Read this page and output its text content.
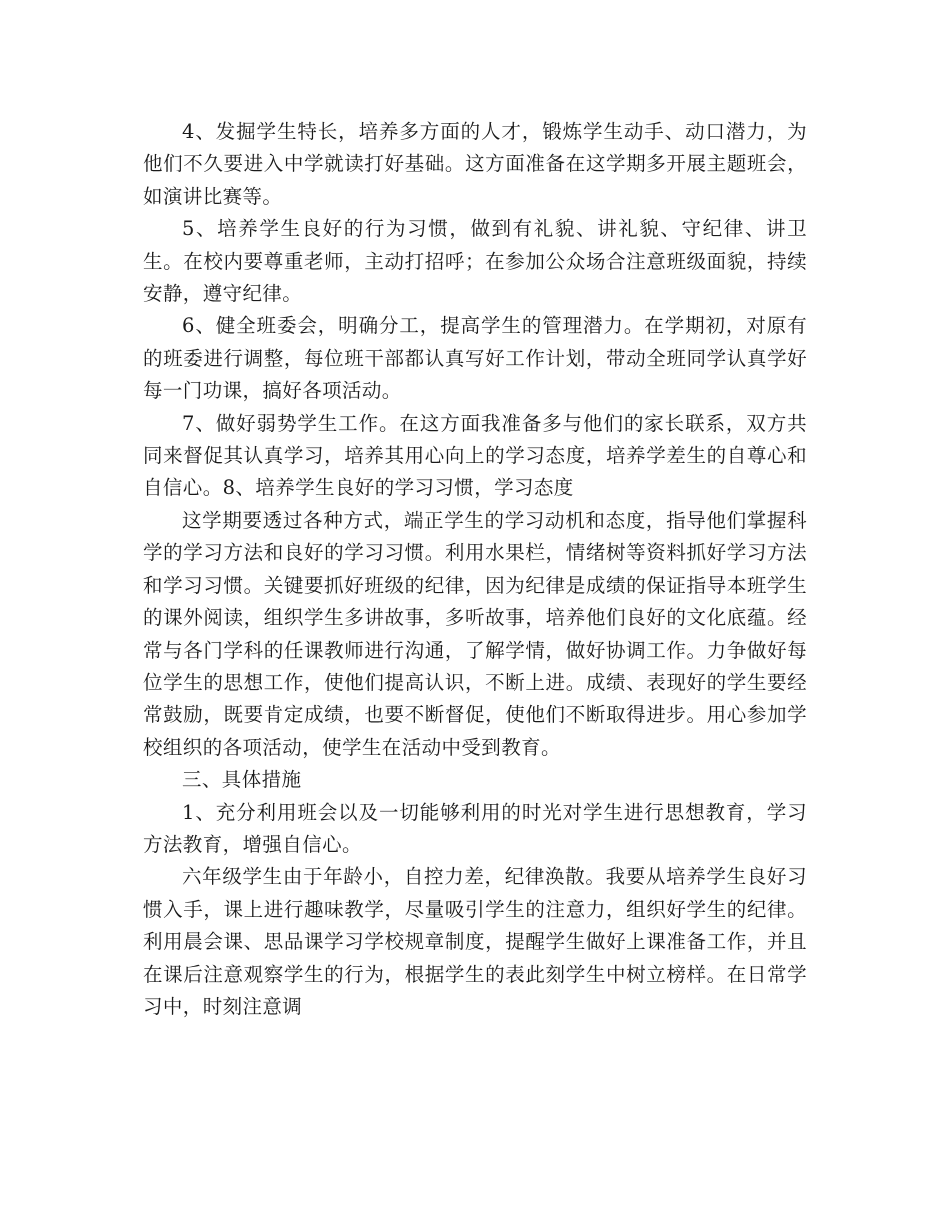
4、发掘学生特长，培养多方面的人才，锻炼学生动手、动口潜力，为他们不久要进入中学就读打好基础。这方面准备在这学期多开展主题班会，如演讲比赛等。

5、培养学生良好的行为习惯，做到有礼貌、讲礼貌、守纪律、讲卫生。在校内要尊重老师，主动打招呼；在参加公众场合注意班级面貌，持续安静，遵守纪律。

6、健全班委会，明确分工，提高学生的管理潜力。在学期初，对原有的班委进行调整，每位班干部都认真写好工作计划，带动全班同学认真学好每一门功课，搞好各项活动。

7、做好弱势学生工作。在这方面我准备多与他们的家长联系，双方共同来督促其认真学习，培养其用心向上的学习态度，培养学差生的自尊心和自信心。8、培养学生良好的学习习惯，学习态度

这学期要透过各种方式，端正学生的学习动机和态度，指导他们掌握科学的学习方法和良好的学习习惯。利用水果栏，情绪树等资料抓好学习方法和学习习惯。关键要抓好班级的纪律，因为纪律是成绩的保证指导本班学生的课外阅读，组织学生多讲故事，多听故事，培养他们良好的文化底蕴。经常与各门学科的任课教师进行沟通，了解学情，做好协调工作。力争做好每位学生的思想工作，使他们提高认识，不断上进。成绩、表现好的学生要经常鼓励，既要肯定成绩，也要不断督促，使他们不断取得进步。用心参加学校组织的各项活动，使学生在活动中受到教育。

三、具体措施

1、充分利用班会以及一切能够利用的时光对学生进行思想教育，学习方法教育，增强自信心。

六年级学生由于年龄小，自控力差，纪律涣散。我要从培养学生良好习惯入手，课上进行趣味教学，尽量吸引学生的注意力，组织好学生的纪律。利用晨会课、思品课学习学校规章制度，提醒学生做好上课准备工作，并且在课后注意观察学生的行为，根据学生的表此刻学生中树立榜样。在日常学习中，时刻注意调
